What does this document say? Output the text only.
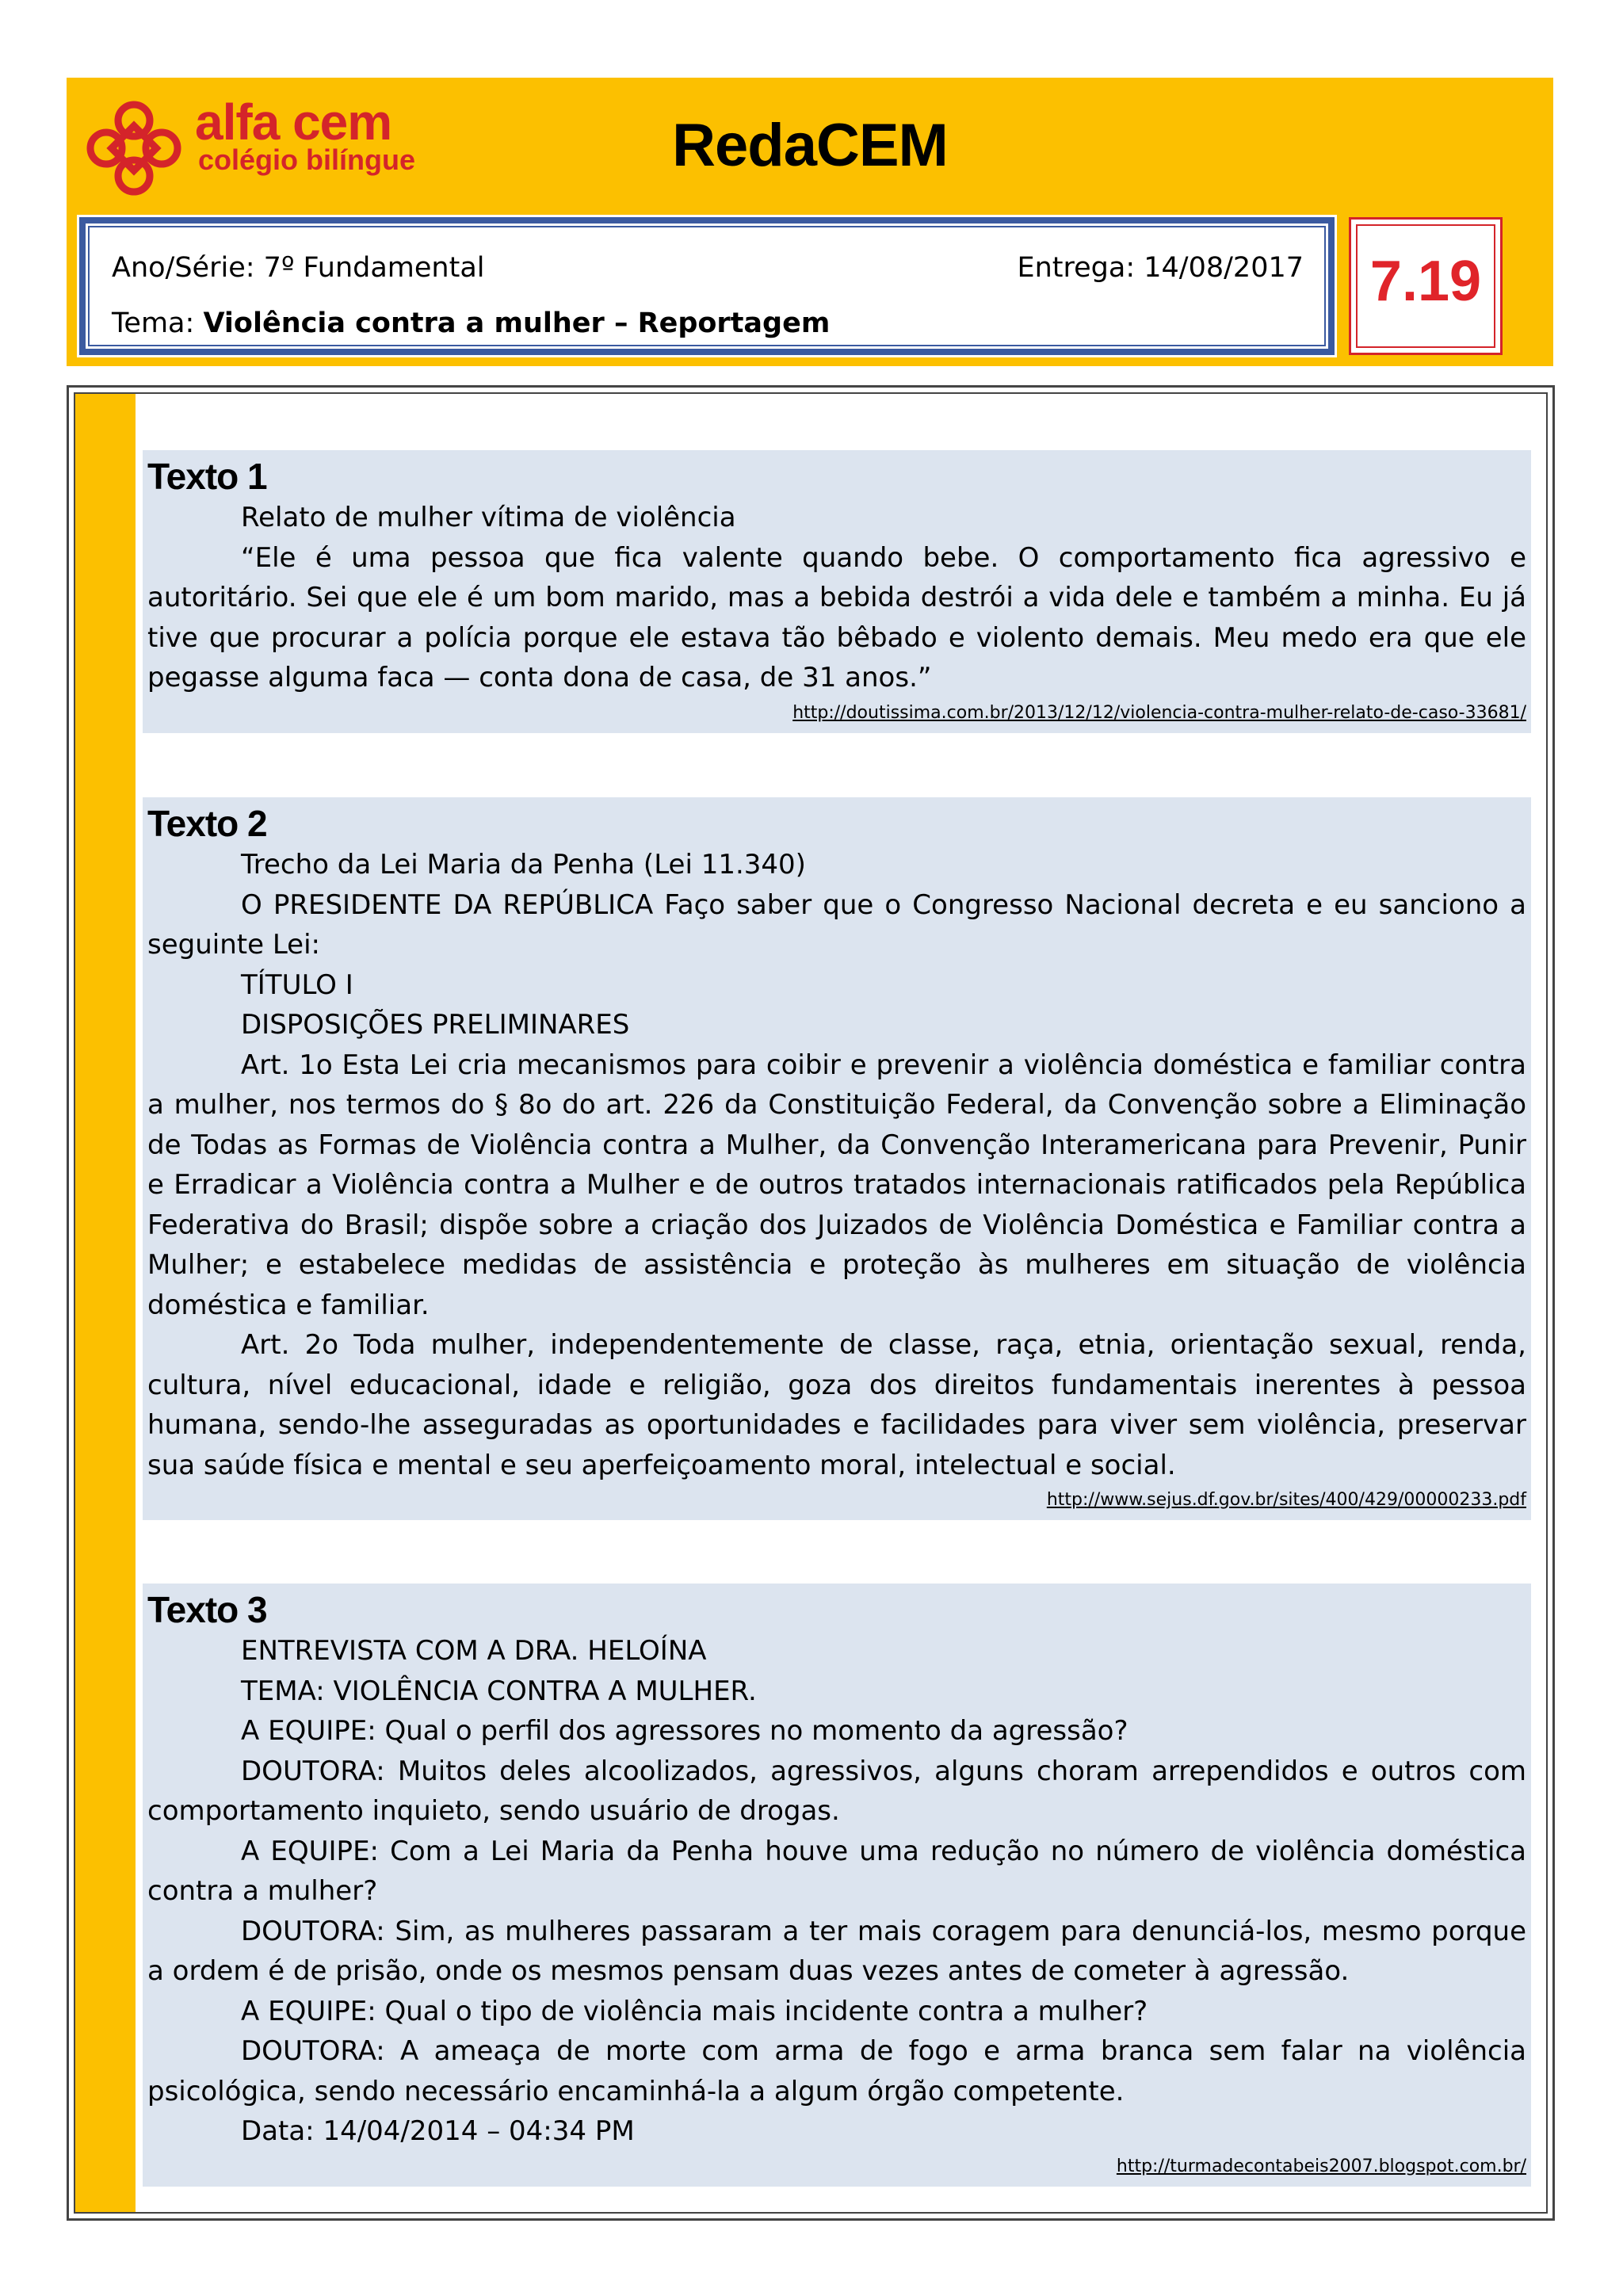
alfa cem
colégio bilíngue	RedaCEM
Ano/Série: 7º Fundamental	Entrega: 14/08/2017
Tema: Violência contra a mulher – Reportagem
7.19
Texto 1

Relato de mulher vítima de violência

“Ele é uma pessoa que fica valente quando bebe. O comportamento fica agressivo e autoritário. Sei que ele é um bom marido, mas a bebida destrói a vida dele e também a minha. Eu já tive que procurar a polícia porque ele estava tão bêbado e violento demais. Meu medo era que ele pegasse alguma faca — conta dona de casa, de 31 anos.”

http://doutissima.com.br/2013/12/12/violencia-contra-mulher-relato-de-caso-33681/
Texto 2

Trecho da Lei Maria da Penha (Lei 11.340)

O PRESIDENTE DA REPÚBLICA Faço saber que o Congresso Nacional decreta e eu sanciono a seguinte Lei:

TÍTULO I

DISPOSIÇÕES PRELIMINARES

Art. 1o Esta Lei cria mecanismos para coibir e prevenir a violência doméstica e familiar contra a mulher, nos termos do § 8o do art. 226 da Constituição Federal, da Convenção sobre a Eliminação de Todas as Formas de Violência contra a Mulher, da Convenção Interamericana para Prevenir, Punir e Erradicar a Violência contra a Mulher e de outros tratados internacionais ratificados pela República Federativa do Brasil; dispõe sobre a criação dos Juizados de Violência Doméstica e Familiar contra a Mulher; e estabelece medidas de assistência e proteção às mulheres em situação de violência doméstica e familiar.

Art. 2o Toda mulher, independentemente de classe, raça, etnia, orientação sexual, renda, cultura, nível educacional, idade e religião, goza dos direitos fundamentais inerentes à pessoa humana, sendo-lhe asseguradas as oportunidades e facilidades para viver sem violência, preservar sua saúde física e mental e seu aperfeiçoamento moral, intelectual e social.

http://www.sejus.df.gov.br/sites/400/429/00000233.pdf
Texto 3

ENTREVISTA COM A DRA. HELOÍNA

TEMA: VIOLÊNCIA CONTRA A MULHER.

A EQUIPE: Qual o perfil dos agressores no momento da agressão?

DOUTORA: Muitos deles alcoolizados, agressivos, alguns choram arrependidos e outros com comportamento inquieto, sendo usuário de drogas.

A EQUIPE: Com a Lei Maria da Penha houve uma redução no número de violência doméstica contra a mulher?

DOUTORA: Sim, as mulheres passaram a ter mais coragem para denunciá-los, mesmo porque a ordem é de prisão, onde os mesmos pensam duas vezes antes de cometer à agressão.

A EQUIPE: Qual o tipo de violência mais incidente contra a mulher?

DOUTORA: A ameaça de morte com arma de fogo e arma branca sem falar na violência psicológica, sendo necessário encaminhá-la a algum órgão competente.

Data: 14/04/2014 – 04:34 PM

http://turmadecontabeis2007.blogspot.com.br/
